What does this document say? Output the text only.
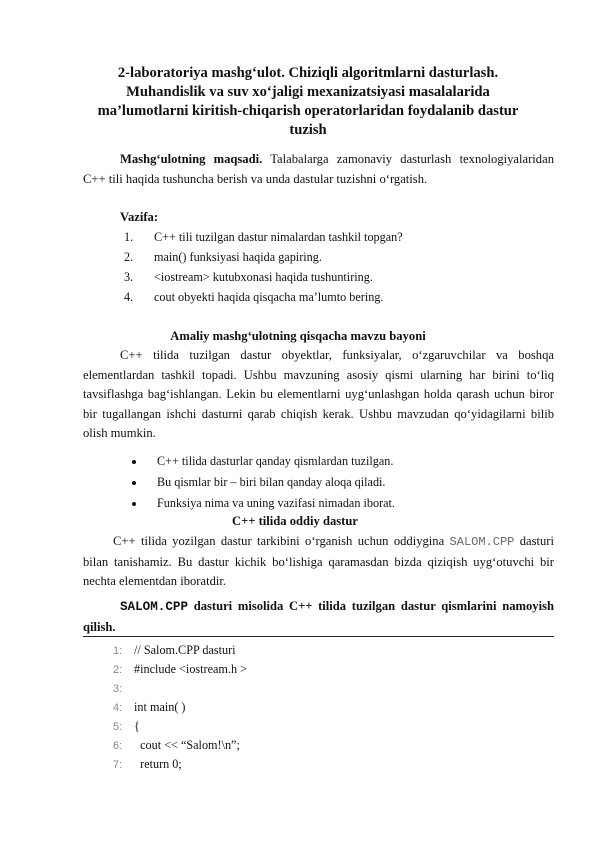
2-laboratoriya mashg‘ulot. Chiziqli algoritmlarni dasturlash.
Muhandislik va suv xo‘jaligi mexanizatsiyasi masalalarida
ma’lumotlarni kiritish-chiqarish operatorlaridan foydalanib dastur
tuzish
Mashg‘ulotning maqsadi. Talabalarga zamonaviy dasturlash texnologiyalaridan C++ tili haqida tushuncha berish va unda dastular tuzishni o‘rgatish.
Vazifa:
1. C++ tili tuzilgan dastur nimalardan tashkil topgan?
2. main() funksiyasi haqida gapiring.
3. <iostream> kutubxonasi haqida tushuntiring.
4. cout obyekti haqida qisqacha ma’lumto bering.
Amaliy mashg‘ulotning qisqacha mavzu bayoni
C++ tilida tuzilgan dastur obyektlar, funksiyalar, o‘zgaruvchilar va boshqa elementlardan tashkil topadi. Ushbu mavzuning asosiy qismi ularning har birini to‘liq tavsiflashga bag‘ishlangan. Lekin bu elementlarni uyg‘unlashgan holda qarash uchun biror bir tugallangan ishchi dasturni qarab chiqish kerak. Ushbu mavzudan qo‘yidagilarni bilib olish mumkin.
C++ tilida dasturlar qanday qismlardan tuzilgan.
Bu qismlar bir – biri bilan qanday aloqa qiladi.
Funksiya nima va uning vazifasi nimadan iborat.
C++ tilida oddiy dastur
C++ tilida yozilgan dastur tarkibini o‘rganish uchun oddiygina SALOM.CPP dasturi bilan tanishamiz. Bu dastur kichik bo‘lishiga qaramasdan bizda qiziqish uyg‘otuvchi bir nechta elementdan iboratdir.
SALOM.CPP dasturi misolida C++ tilida tuzilgan dastur qismlarini namoyish qilish.
1: // Salom.CPP dasturi
2: #include <iostream.h >
3:
4: int main( )
5: {
6:   cout << “Salom!\n”;
7:   return 0;
